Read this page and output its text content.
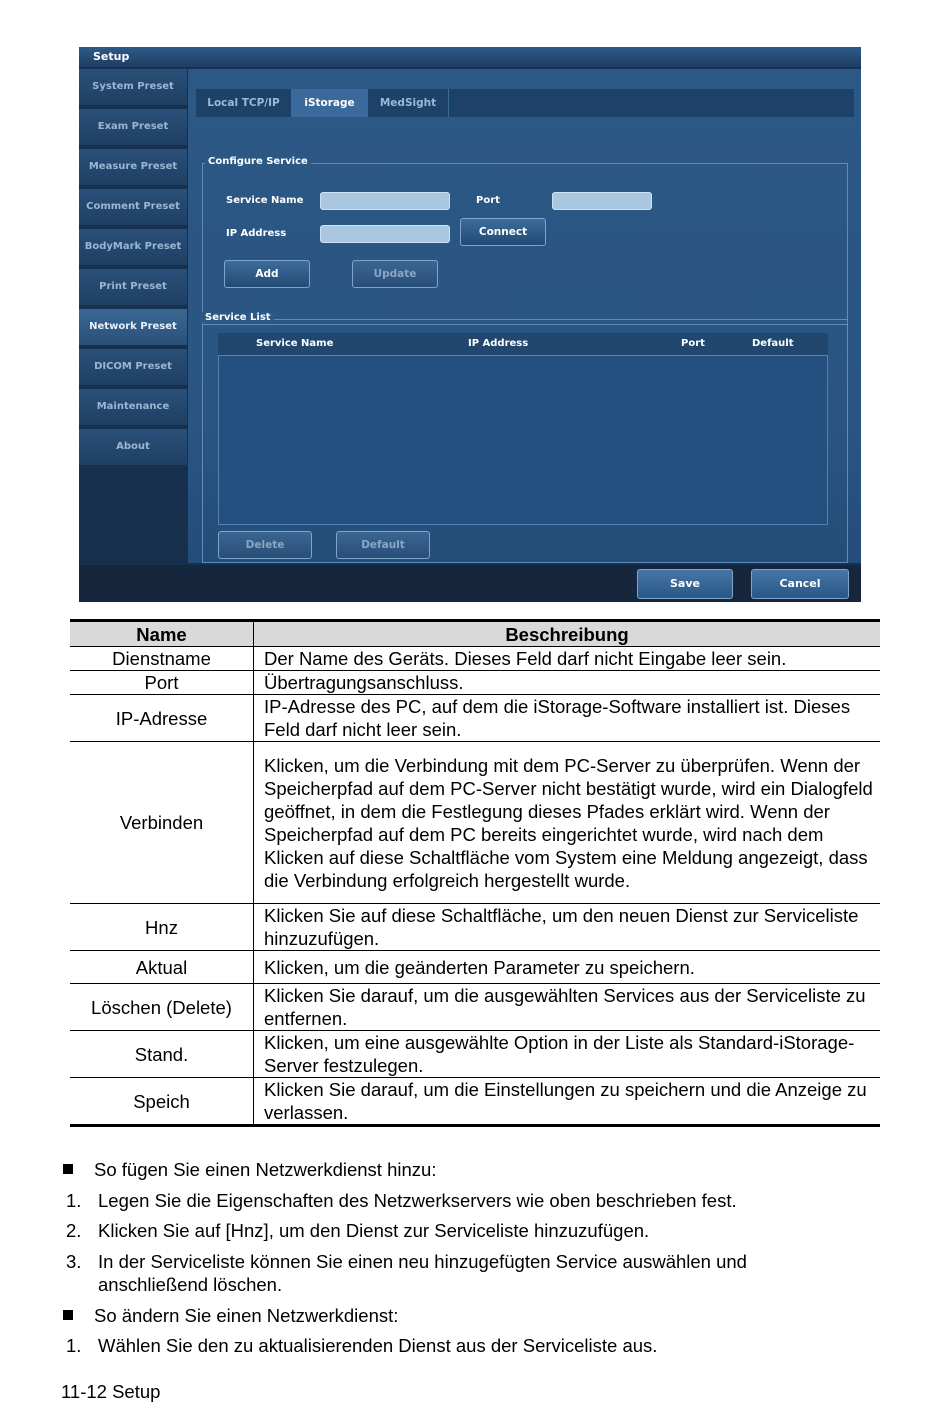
Setup
System Preset
Exam Preset
Measure Preset
Comment Preset
BodyMark Preset
Print Preset
Network Preset
DICOM Preset
Maintenance
About
Local TCP/IP	iStorage	MedSight
Configure Service
Service Name	Port
IP Address	Connect
Add	Update
Service List
Delete	Default
Service Name	IP Address	Port	Default
Save	Cancel
Name	Beschreibung
Dienstname	Der Name des Geräts. Dieses Feld darf nicht Eingabe leer sein.
Port	Übertragungsanschluss.
IP-Adresse	IP-Adresse des PC, auf dem die iStorage-Software installiert ist. Dieses Feld darf nicht leer sein.
Verbinden	Klicken, um die Verbindung mit dem PC-Server zu überprüfen. Wenn der Speicherpfad auf dem PC-Server nicht bestätigt wurde, wird ein Dialogfeld geöffnet, in dem die Festlegung dieses Pfades erklärt wird. Wenn der Speicherpfad auf dem PC bereits eingerichtet wurde, wird nach dem Klicken auf diese Schaltfläche vom System eine Meldung angezeigt, dass die Verbindung erfolgreich hergestellt wurde.
Hnz	Klicken Sie auf diese Schaltfläche, um den neuen Dienst zur Serviceliste hinzuzufügen.
Aktual	Klicken, um die geänderten Parameter zu speichern.
Löschen (Delete)	Klicken Sie darauf, um die ausgewählten Services aus der Serviceliste zu entfernen.
Stand.	Klicken, um eine ausgewählte Option in der Liste als Standard-iStorage-Server festzulegen.
Speich	Klicken Sie darauf, um die Einstellungen zu speichern und die Anzeige zu verlassen.
So fügen Sie einen Netzwerkdienst hinzu:
1. Legen Sie die Eigenschaften des Netzwerkservers wie oben beschrieben fest.
2. Klicken Sie auf [Hnz], um den Dienst zur Serviceliste hinzuzufügen.
3. In der Serviceliste können Sie einen neu hinzugefügten Service auswählen und anschließend löschen.
So ändern Sie einen Netzwerkdienst:
1. Wählen Sie den zu aktualisierenden Dienst aus der Serviceliste aus.
11-12 Setup
